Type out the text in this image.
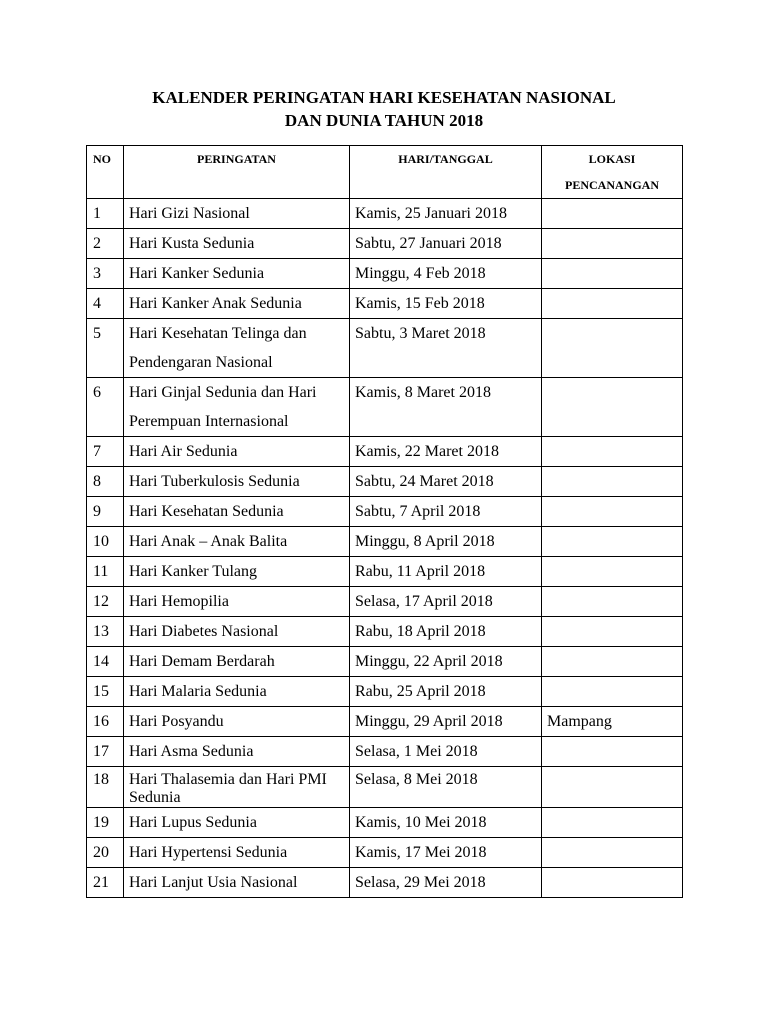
KALENDER PERINGATAN HARI KESEHATAN NASIONAL
DAN DUNIA TAHUN 2018
NO	PERINGATAN	HARI/TANGGAL	LOKASI
PENCANANGAN
1	Hari Gizi Nasional	Kamis, 25 Januari 2018	
2	Hari Kusta Sedunia	Sabtu, 27 Januari 2018	
3	Hari Kanker Sedunia	Minggu, 4 Feb 2018	
4	Hari Kanker Anak Sedunia	Kamis, 15 Feb 2018	
5	Hari Kesehatan Telinga dan Pendengaran Nasional	Sabtu, 3 Maret 2018	
6	Hari Ginjal Sedunia dan Hari Perempuan Internasional	Kamis, 8 Maret 2018	
7	Hari Air Sedunia	Kamis, 22 Maret 2018	
8	Hari Tuberkulosis Sedunia	Sabtu, 24 Maret 2018	
9	Hari Kesehatan Sedunia	Sabtu, 7 April 2018	
10	Hari Anak – Anak Balita	Minggu, 8 April 2018	
11	Hari Kanker Tulang	Rabu, 11 April 2018	
12	Hari Hemopilia	Selasa, 17 April 2018	
13	Hari Diabetes Nasional	Rabu, 18 April 2018	
14	Hari Demam Berdarah	Minggu, 22 April 2018	
15	Hari Malaria Sedunia	Rabu, 25 April 2018	
16	Hari Posyandu	Minggu, 29 April 2018	Mampang
17	Hari Asma Sedunia	Selasa, 1 Mei 2018	
18	Hari Thalasemia dan Hari PMI Sedunia	Selasa, 8 Mei 2018	
19	Hari Lupus Sedunia	Kamis, 10 Mei 2018	
20	Hari Hypertensi Sedunia	Kamis, 17 Mei 2018	
21	Hari Lanjut Usia Nasional	Selasa, 29 Mei 2018	
